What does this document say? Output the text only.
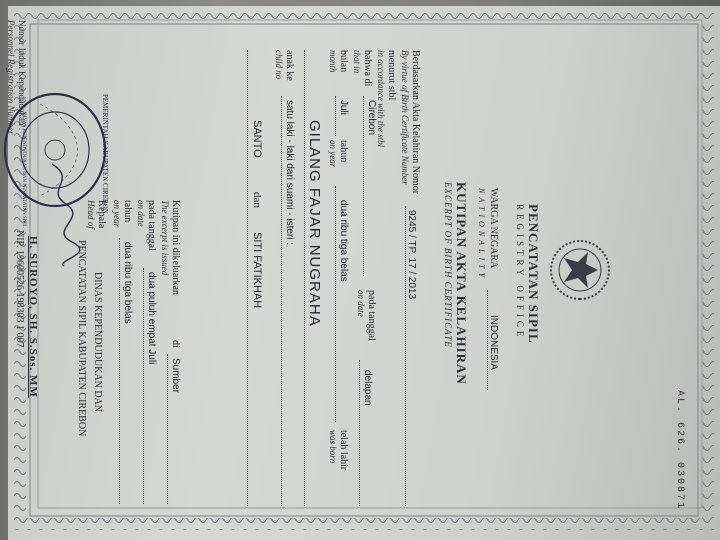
AL. 626. 030871
Nomor Induk Kependudukan :
Personnel Registration Number
PENCATATAN SIPIL
REGISTRY OFFICE
WARGA NEGARA
INDONESIA
NATIONALITY
KUTIPAN AKTA KELAHIRAN
EXCERPT OF BIRTH CERTIFICATE
Berdasarkan Akta Kelahiran Nomor
By virtue of Birth Certificate Number
9245 / TP. 17 / 2013
menurut stbl
in accordance with the stbl
bahwa di
that in
Cirebon
pada tanggal
on date
delapan
bulan
month
Juli
tahun
on year
dua ribu tiga belas
telah lahir
was born
GILANG FAJAR NUGRAHA
anak ke
child no
satu laki - laki dari suami - isteri :
SANTO
dan
SITI FATIKHAH
Kutipan ini dikeluarkan
The excerpt is issued
di
Sumber
pada tanggal
on date
dua puluh empat Juli
tahun
on year
dua ribu tiga belas
Kepala
Head of
DINAS KEPENDUDUKAN DAN
PENCATATAN SIPIL KABUPATEN CIREBON
PEMERINTAH KABUPATEN CIREBON
DINAS KEPENDUDUKAN DAN PENCATATAN SIPIL
H. SUROYO, SH. S.Sos. MM
NIP. 19600526 198303 1 007
